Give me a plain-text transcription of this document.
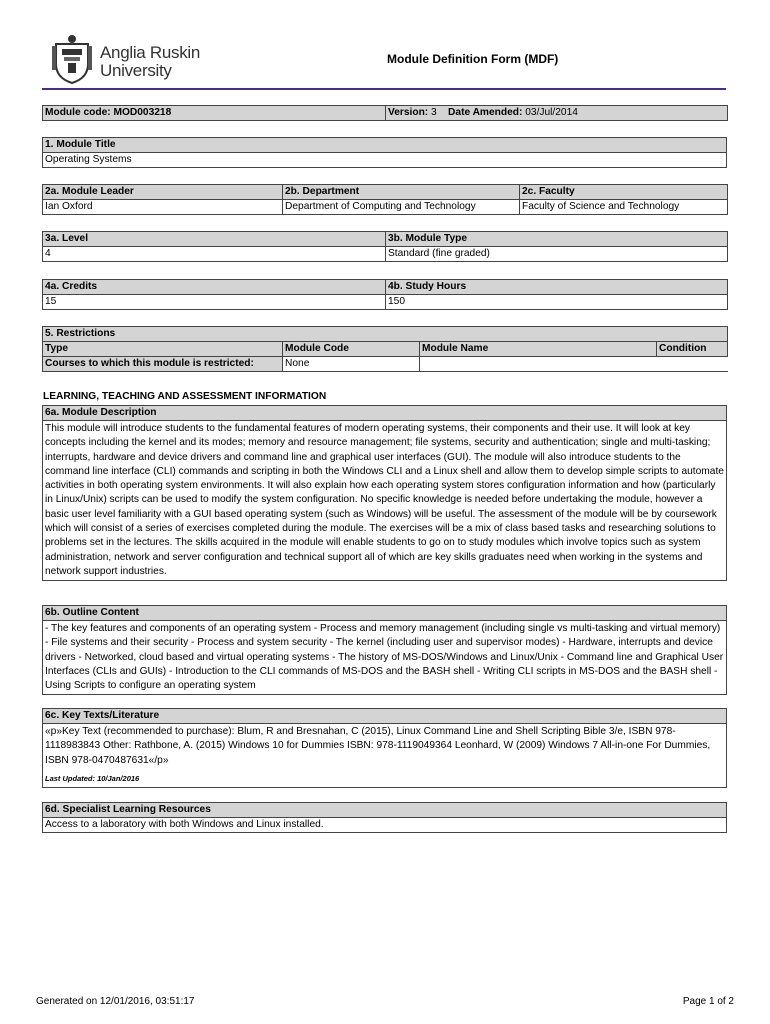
Anglia Ruskin
University
Module Definition Form (MDF)
Module code: MOD003218	Version: 3 Date Amended: 03/Jul/2014
1. Module Title
Operating Systems
2a. Module Leader	2b. Department	2c. Faculty
Ian Oxford	Department of Computing and Technology	Faculty of Science and Technology
3a. Level	3b. Module Type
4	Standard (fine graded)
4a. Credits	4b. Study Hours
15	150
5. Restrictions			
Type	Module Code	Module Name	Condition
Courses to which this module is restricted:	None		
LEARNING, TEACHING AND ASSESSMENT INFORMATION
6a. Module Description
This module will introduce students to the fundamental features of modern operating systems, their components and their use. It will look at key concepts including the kernel and its modes; memory and resource management; file systems, security and authentication; single and multi-tasking; interrupts, hardware and device drivers and command line and graphical user interfaces (GUI). The module will also introduce students to the command line interface (CLI) commands and scripting in both the Windows CLI and a Linux shell and allow them to develop simple scripts to automate activities in both operating system environments. It will also explain how each operating system stores configuration information and how (particularly in Linux/Unix) scripts can be used to modify the system configuration. No specific knowledge is needed before undertaking the module, however a basic user level familiarity with a GUI based operating system (such as Windows) will be useful. The assessment of the module will be by coursework which will consist of a series of exercises completed during the module. The exercises will be a mix of class based tasks and researching solutions to problems set in the lectures. The skills acquired in the module will enable students to go on to study modules which involve topics such as system administration, network and server configuration and technical support all of which are key skills graduates need when working in the systems and network support industries.
6b. Outline Content
- The key features and components of an operating system - Process and memory management (including single vs multi-tasking and virtual memory) - File systems and their security - Process and system security - The kernel (including user and supervisor modes) - Hardware, interrupts and device drivers - Networked, cloud based and virtual operating systems - The history of MS-DOS/Windows and Linux/Unix - Command line and Graphical User Interfaces (CLIs and GUIs) - Introduction to the CLI commands of MS-DOS and the BASH shell - Writing CLI scripts in MS-DOS and the BASH shell - Using Scripts to configure an operating system
6c. Key Texts/Literature

«p»Key Text (recommended to purchase): Blum, R and Bresnahan, C (2015), Linux Command Line and Shell Scripting Bible 3/e, ISBN 978-1118983843 Other: Rathbone, A. (2015) Windows 10 for Dummies ISBN: 978-1119049364 Leonhard, W (2009) Windows 7 All-in-one For Dummies, ISBN 978-0470487631«/p»
Last Updated: 10/Jan/2016
6d. Specialist Learning Resources
Access to a laboratory with both Windows and Linux installed.
Generated on 12/01/2016, 03:51:17	Page 1 of 2
